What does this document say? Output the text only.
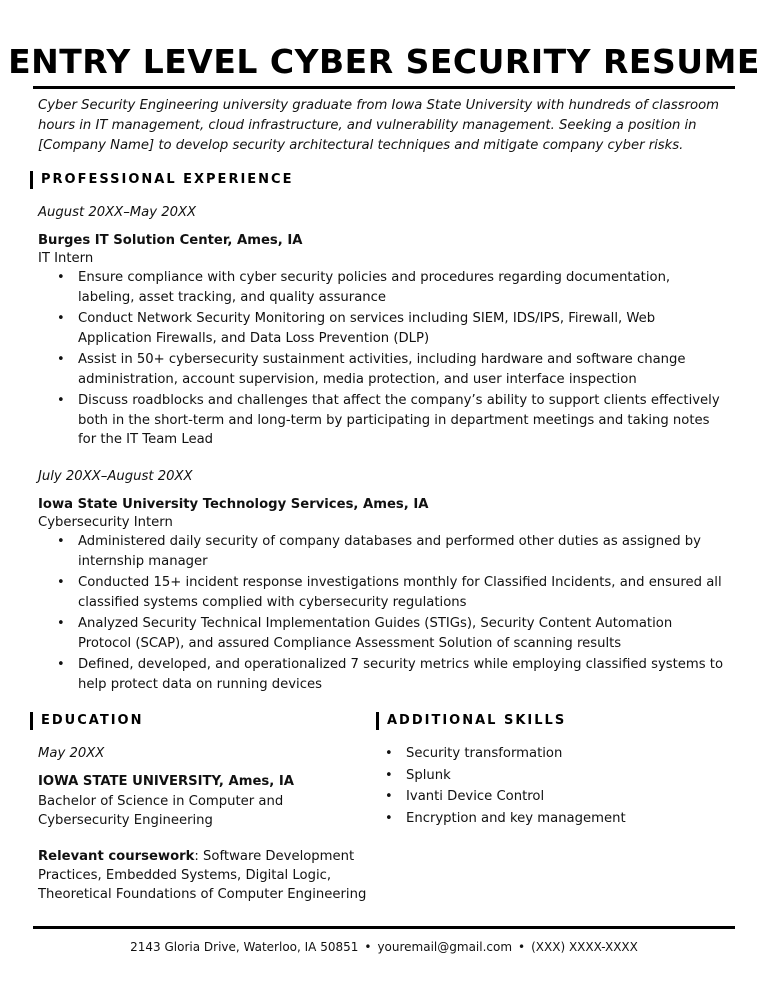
ENTRY LEVEL CYBER SECURITY RESUME
Cyber Security Engineering university graduate from Iowa State University with hundreds of classroom hours in IT management, cloud infrastructure, and vulnerability management. Seeking a position in [Company Name] to develop security architectural techniques and mitigate company cyber risks.
PROFESSIONAL EXPERIENCE
August 20XX–May 20XX
Burges IT Solution Center, Ames, IA
IT Intern
• Ensure compliance with cyber security policies and procedures regarding documentation, labeling, asset tracking, and quality assurance
• Conduct Network Security Monitoring on services including SIEM, IDS/IPS, Firewall, Web Application Firewalls, and Data Loss Prevention (DLP)
• Assist in 50+ cybersecurity sustainment activities, including hardware and software change administration, account supervision, media protection, and user interface inspection
• Discuss roadblocks and challenges that affect the company’s ability to support clients effectively both in the short-term and long-term by participating in department meetings and taking notes for the IT Team Lead
July 20XX–August 20XX
Iowa State University Technology Services, Ames, IA
Cybersecurity Intern
• Administered daily security of company databases and performed other duties as assigned by internship manager
• Conducted 15+ incident response investigations monthly for Classified Incidents, and ensured all classified systems complied with cybersecurity regulations
• Analyzed Security Technical Implementation Guides (STIGs), Security Content Automation Protocol (SCAP), and assured Compliance Assessment Solution of scanning results
• Defined, developed, and operationalized 7 security metrics while employing classified systems to help protect data on running devices
EDUCATION
May 20XX
IOWA STATE UNIVERSITY, Ames, IA
Bachelor of Science in Computer and Cybersecurity Engineering
Relevant coursework: Software Development Practices, Embedded Systems, Digital Logic, Theoretical Foundations of Computer Engineering
ADDITIONAL SKILLS
• Security transformation
• Splunk
• Ivanti Device Control
• Encryption and key management
2143 Gloria Drive, Waterloo, IA 50851 • youremail@gmail.com • (XXX) XXXX-XXXX
